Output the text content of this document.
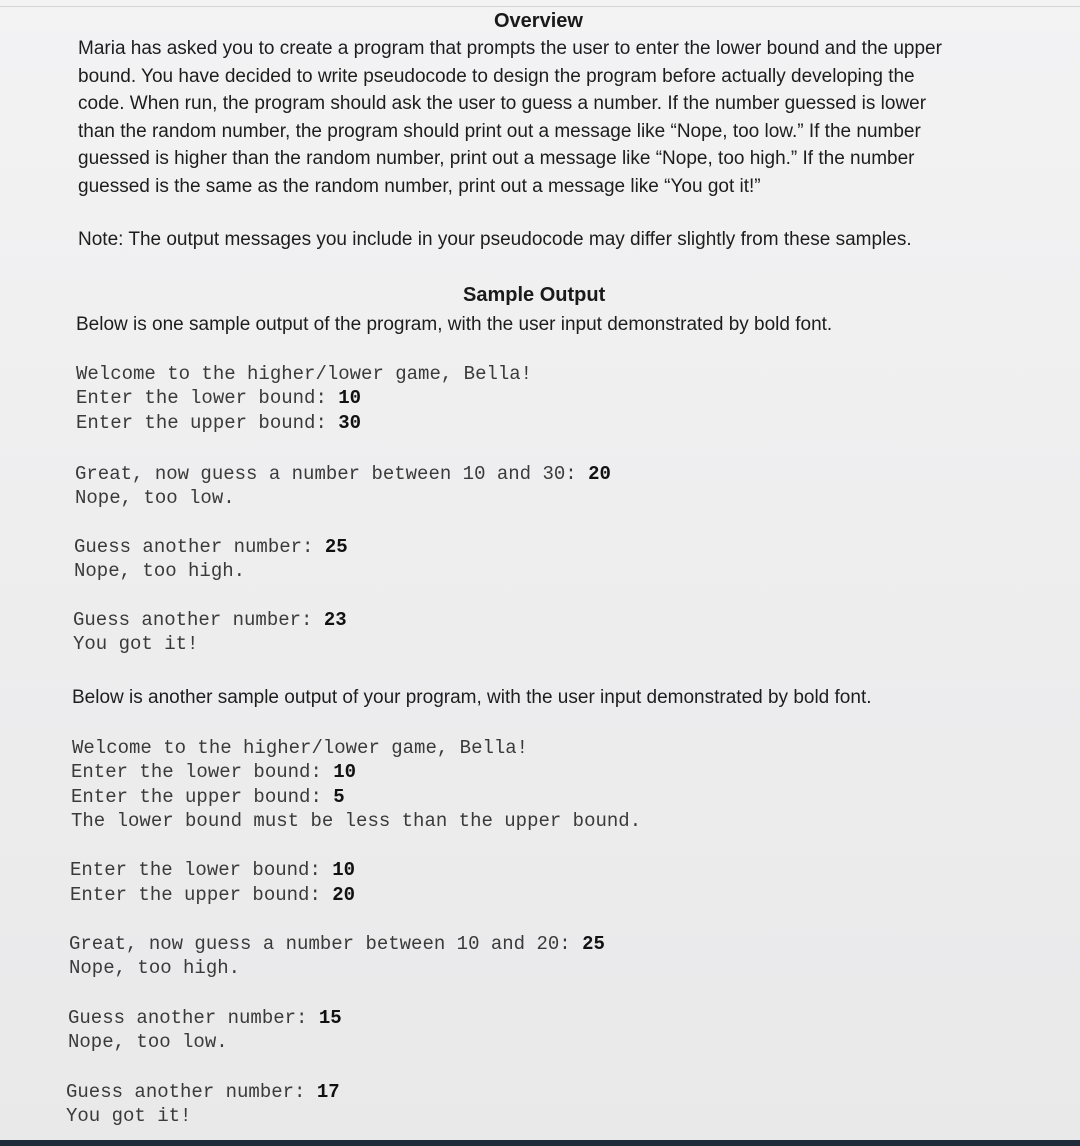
Overview
Maria has asked you to create a program that prompts the user to enter the lower bound and the upper
bound. You have decided to write pseudocode to design the program before actually developing the
code. When run, the program should ask the user to guess a number. If the number guessed is lower
than the random number, the program should print out a message like “Nope, too low.” If the number
guessed is higher than the random number, print out a message like “Nope, too high.” If the number
guessed is the same as the random number, print out a message like “You got it!”
Note: The output messages you include in your pseudocode may differ slightly from these samples.
Sample Output
Below is one sample output of the program, with the user input demonstrated by bold font.
Welcome to the higher/lower game, Bella!
Enter the lower bound: 10
Enter the upper bound: 30
Great, now guess a number between 10 and 30: 20
Nope, too low.
Guess another number: 25
Nope, too high.
Guess another number: 23
You got it!
Below is another sample output of your program, with the user input demonstrated by bold font.
Welcome to the higher/lower game, Bella!
Enter the lower bound: 10
Enter the upper bound: 5
The lower bound must be less than the upper bound.
Enter the lower bound: 10
Enter the upper bound: 20
Great, now guess a number between 10 and 20: 25
Nope, too high.
Guess another number: 15
Nope, too low.
Guess another number: 17
You got it!
